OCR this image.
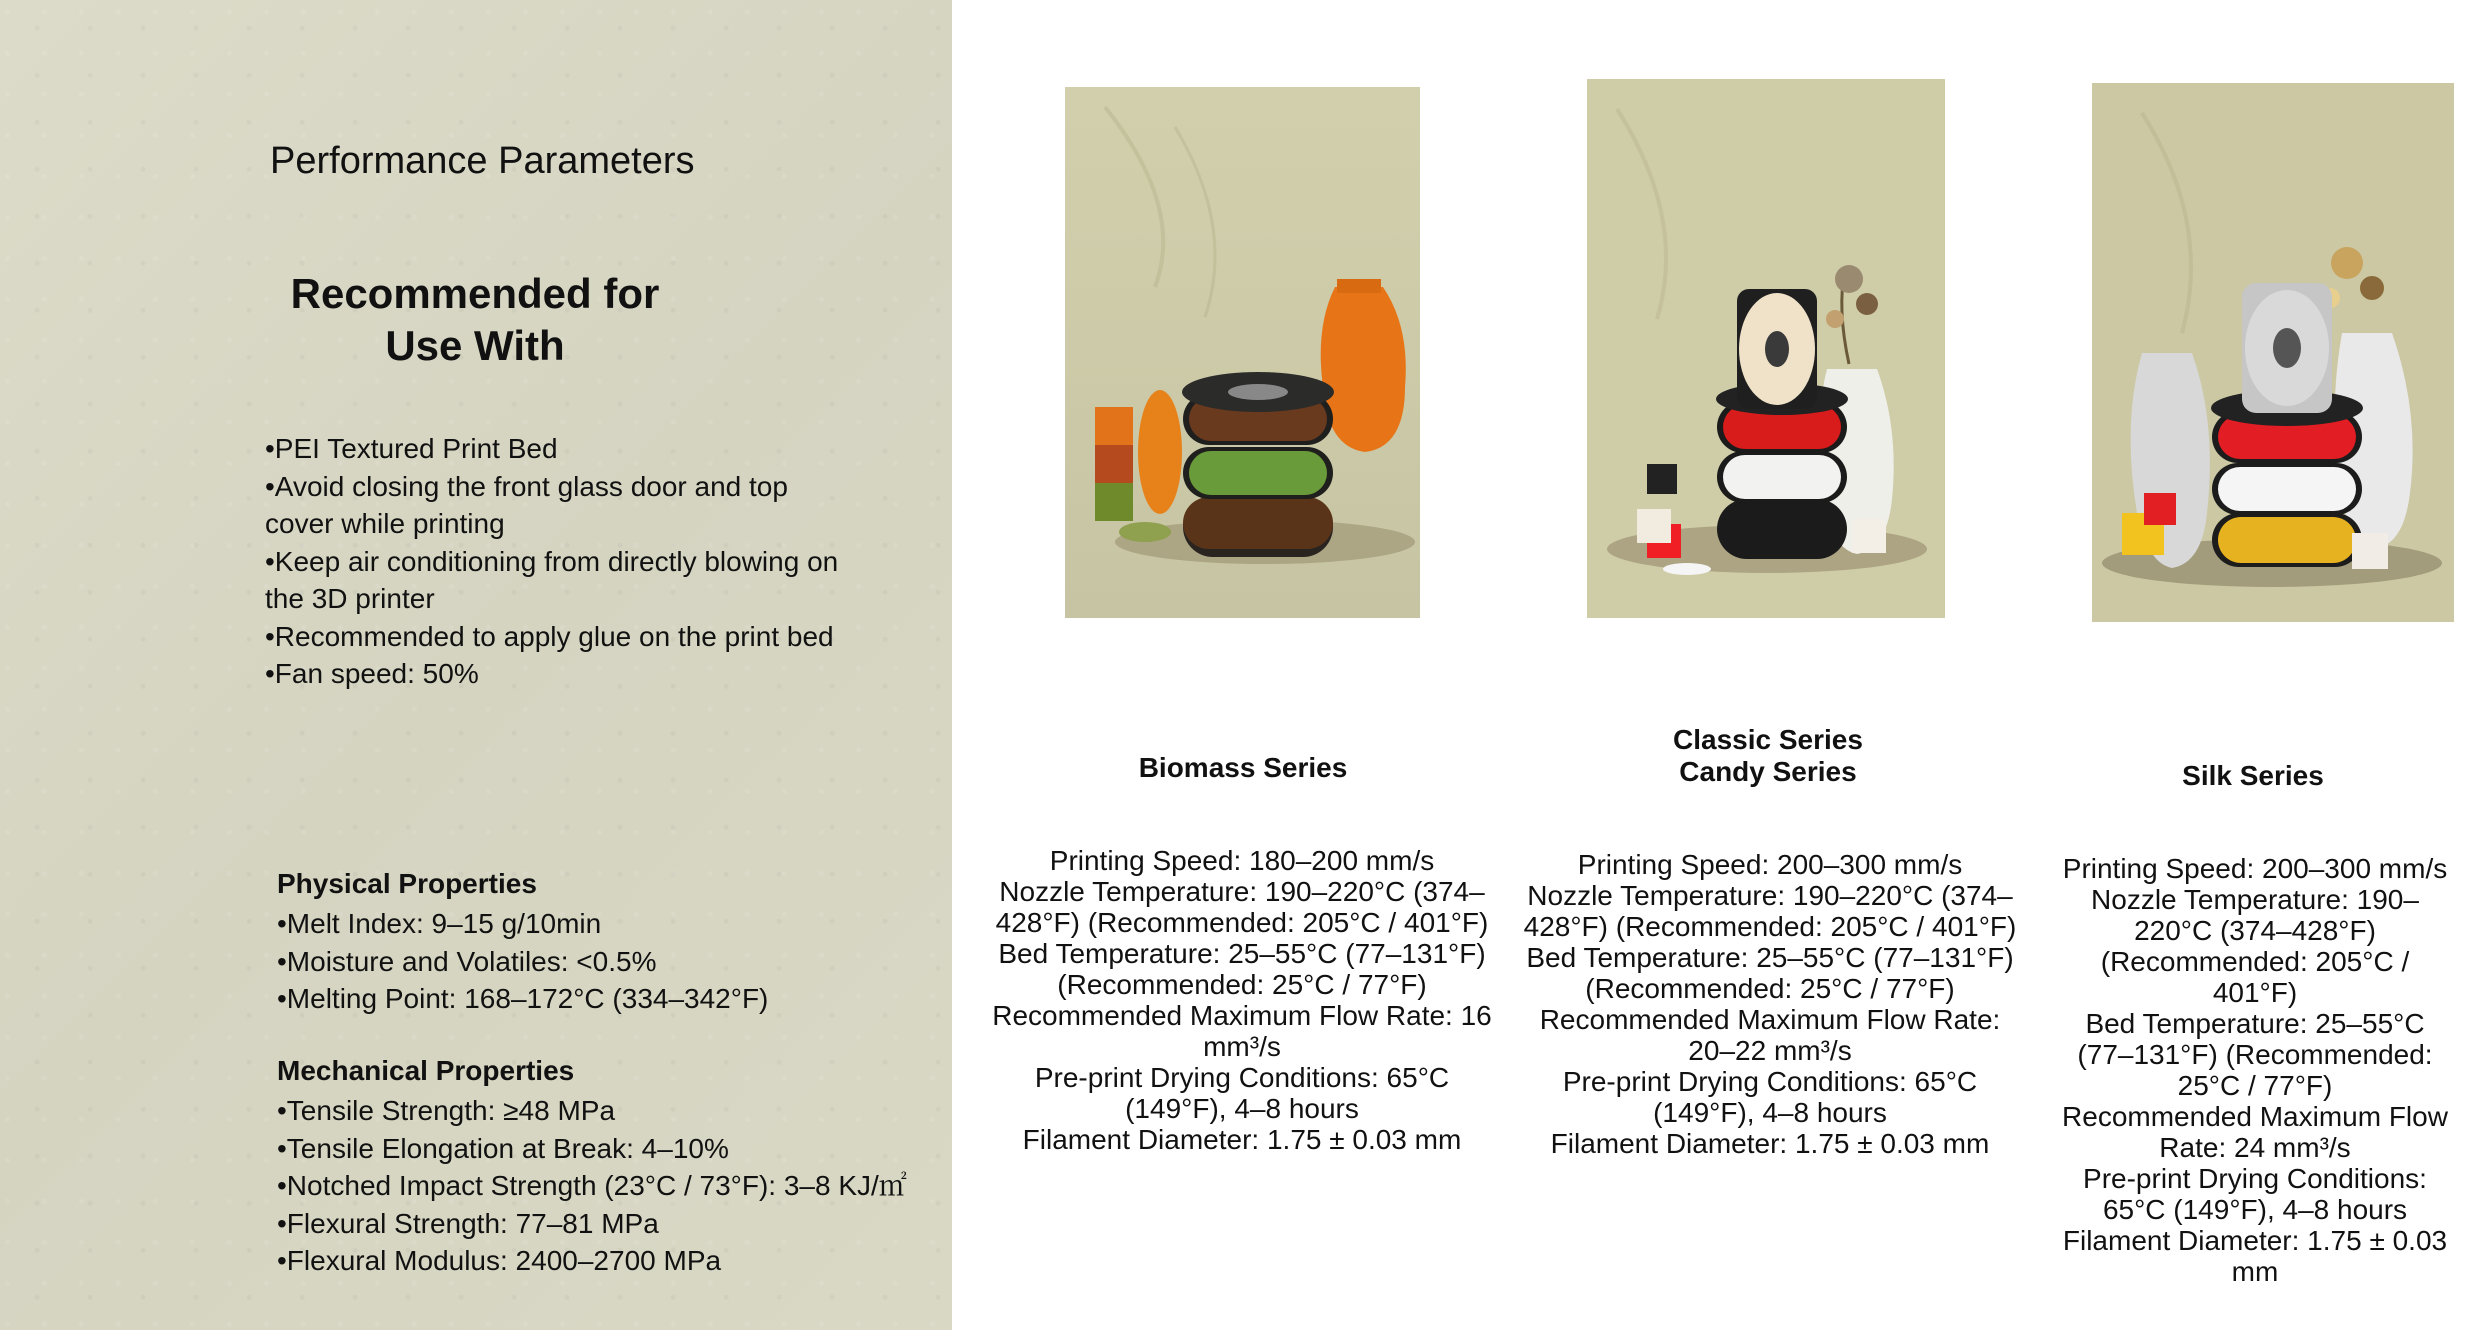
Performance Parameters
Recommended for
Use With
•PEI Textured Print Bed
•Avoid closing the front glass door and top cover while printing
•Keep air conditioning from directly blowing on the 3D printer
•Recommended to apply glue on the print bed
•Fan speed: 50%
Physical Properties
•Melt Index: 9–15 g/10min
•Moisture and Volatiles: <0.5%
•Melting Point: 168–172°C (334–342°F)
Mechanical Properties
•Tensile Strength: ≥48 MPa
•Tensile Elongation at Break: 4–10%
•Notched Impact Strength (23°C / 73°F): 3–8 KJ/㎡
•Flexural Strength: 77–81 MPa
•Flexural Modulus: 2400–2700 MPa
Biomass Series
Classic Series
Candy Series	Silk Series
Printing Speed: 180–200 mm/s
Nozzle Temperature: 190–220°C (374–428°F) (Recommended: 205°C / 401°F)
Bed Temperature: 25–55°C (77–131°F) (Recommended: 25°C / 77°F)
Recommended Maximum Flow Rate: 16 mm³/s
Pre-print Drying Conditions: 65°C (149°F), 4–8 hours
Filament Diameter: 1.75 ± 0.03 mm
Printing Speed: 200–300 mm/s
Nozzle Temperature: 190–220°C (374–428°F) (Recommended: 205°C / 401°F)
Bed Temperature: 25–55°C (77–131°F) (Recommended: 25°C / 77°F)
Recommended Maximum Flow Rate: 20–22 mm³/s
Pre-print Drying Conditions: 65°C (149°F), 4–8 hours
Filament Diameter: 1.75 ± 0.03 mm
Printing Speed: 200–300 mm/s
Nozzle Temperature: 190–220°C (374–428°F) (Recommended: 205°C / 401°F)
Bed Temperature: 25–55°C (77–131°F) (Recommended: 25°C / 77°F)
Recommended Maximum Flow Rate: 24 mm³/s
Pre-print Drying Conditions: 65°C (149°F), 4–8 hours
Filament Diameter: 1.75 ± 0.03 mm
